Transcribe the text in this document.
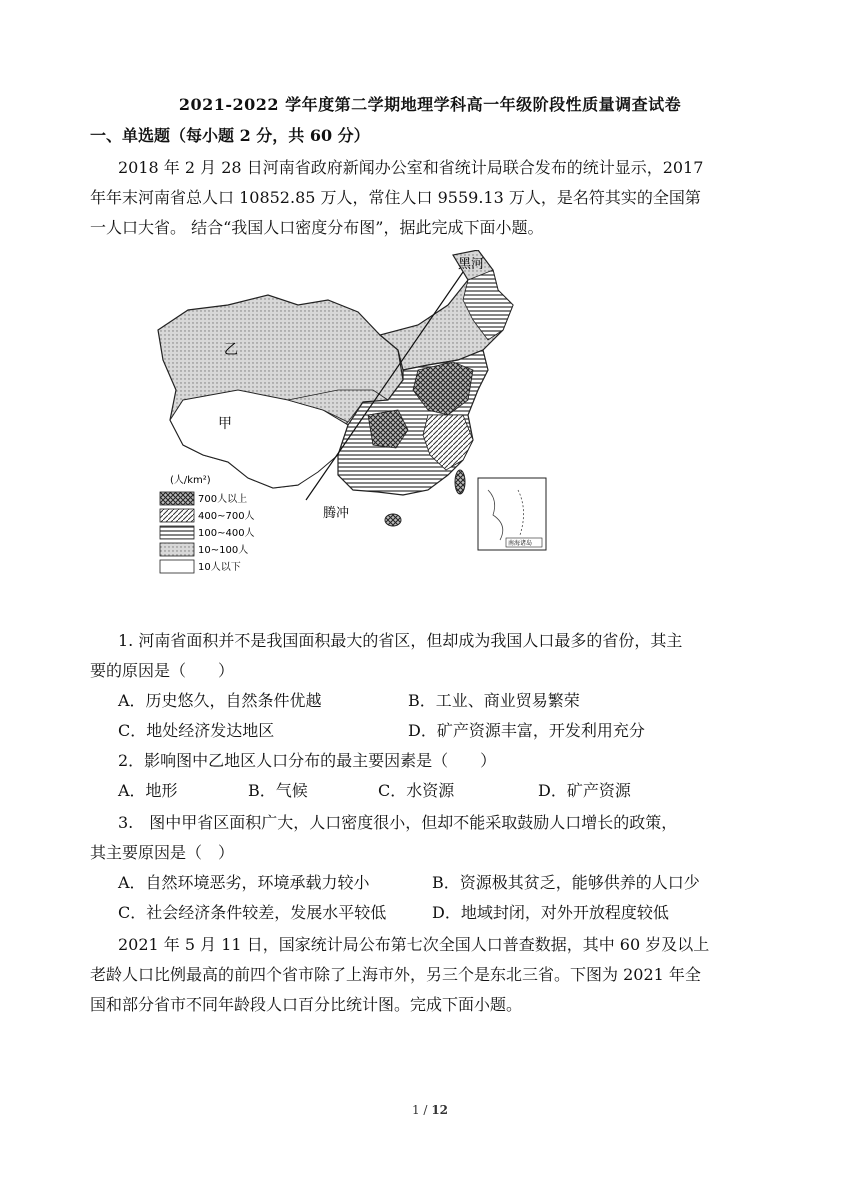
2021-2022 学年度第二学期地理学科高一年级阶段性质量调查试卷
一、单选题（每小题 2 分，共 60 分）
2018 年 2 月 28 日河南省政府新闻办公室和省统计局联合发布的统计显示，2017
年年末河南省总人口 10852.85 万人，常住人口 9559.13 万人，是名符其实的全国第
一人口大省。 结合“我国人口密度分布图”，据此完成下面小题。
黑河
乙
甲
腾冲
南海诸岛
(人/km²)
700人以上
400~700人
100~400人
10~100人
10人以下
1. 河南省面积并不是我国面积最大的省区，但却成为我国人口最多的省份，其主
要的原因是（　　）
A．历史悠久，自然条件优越	B．工业、商业贸易繁荣
C．地处经济发达地区	D．矿产资源丰富，开发利用充分
2．影响图中乙地区人口分布的最主要因素是（　　）
A．地形	B．气候	C．水资源	D．矿产资源
3.　图中甲省区面积广大，人口密度很小，但却不能采取鼓励人口增长的政策，
其主要原因是（　）
A．自然环境恶劣，环境承载力较小	B．资源极其贫乏，能够供养的人口少
C．社会经济条件较差，发展水平较低	D．地域封闭，对外开放程度较低
2021 年 5 月 11 日，国家统计局公布第七次全国人口普查数据，其中 60 岁及以上
老龄人口比例最高的前四个省市除了上海市外，另三个是东北三省。下图为 2021 年全
国和部分省市不同年龄段人口百分比统计图。完成下面小题。
1 / 12
